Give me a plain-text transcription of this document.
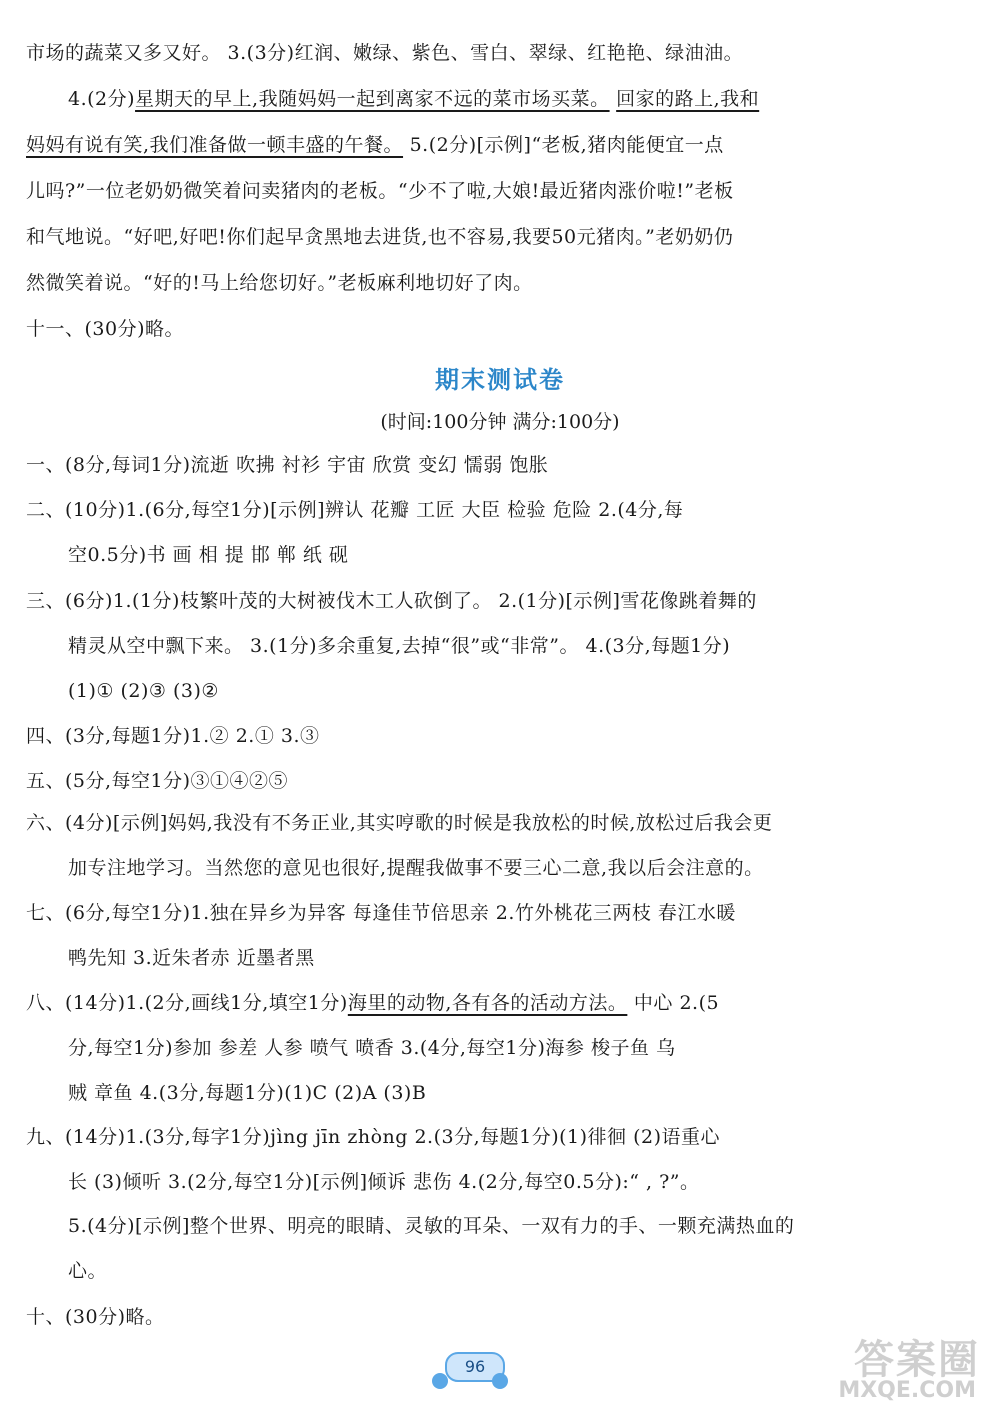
市场的蔬菜又多又好。 3.(3分)红润、嫩绿、紫色、雪白、翠绿、红艳艳、绿油油。
4.(2分)星期天的早上,我随妈妈一起到离家不远的菜市场买菜。 回家的路上,我和
妈妈有说有笑,我们准备做一顿丰盛的午餐。 5.(2分)[示例]“老板,猪肉能便宜一点
儿吗?”一位老奶奶微笑着问卖猪肉的老板。“少不了啦,大娘!最近猪肉涨价啦!”老板
和气地说。“好吧,好吧!你们起早贪黑地去进货,也不容易,我要50元猪肉。”老奶奶仍
然微笑着说。“好的!马上给您切好。”老板麻利地切好了肉。
十一、(30分)略。
一、(8分,每词1分)流逝 吹拂 衬衫 宇宙 欣赏 变幻 懦弱 饱胀
二、(10分)1.(6分,每空1分)[示例]辨认 花瓣 工匠 大臣 检验 危险 2.(4分,每
空0.5分)书 画 相 提 邯 郸 纸 砚
三、(6分)1.(1分)枝繁叶茂的大树被伐木工人砍倒了。 2.(1分)[示例]雪花像跳着舞的
精灵从空中飘下来。 3.(1分)多余重复,去掉“很”或“非常”。 4.(3分,每题1分)
(1)① (2)③ (3)②
四、(3分,每题1分)1.② 2.① 3.③
五、(5分,每空1分)③①④②⑤
六、(4分)[示例]妈妈,我没有不务正业,其实哼歌的时候是我放松的时候,放松过后我会更
加专注地学习。当然您的意见也很好,提醒我做事不要三心二意,我以后会注意的。
七、(6分,每空1分)1.独在异乡为异客 每逢佳节倍思亲 2.竹外桃花三两枝 春江水暖
鸭先知 3.近朱者赤 近墨者黑
八、(14分)1.(2分,画线1分,填空1分)海里的动物,各有各的活动方法。 中心 2.(5
分,每空1分)参加 参差 人参 喷气 喷香 3.(4分,每空1分)海参 梭子鱼 乌
贼 章鱼 4.(3分,每题1分)(1)C (2)A (3)B
九、(14分)1.(3分,每字1分)jìng jīn zhòng 2.(3分,每题1分)(1)徘徊 (2)语重心
长 (3)倾听 3.(2分,每空1分)[示例]倾诉 悲伤 4.(2分,每空0.5分):“ , ?”。
5.(4分)[示例]整个世界、明亮的眼睛、灵敏的耳朵、一双有力的手、一颗充满热血的
心。
十、(30分)略。
期末测试卷
(时间:100分钟 满分:100分)
96	答案圈
MXQE.COM
